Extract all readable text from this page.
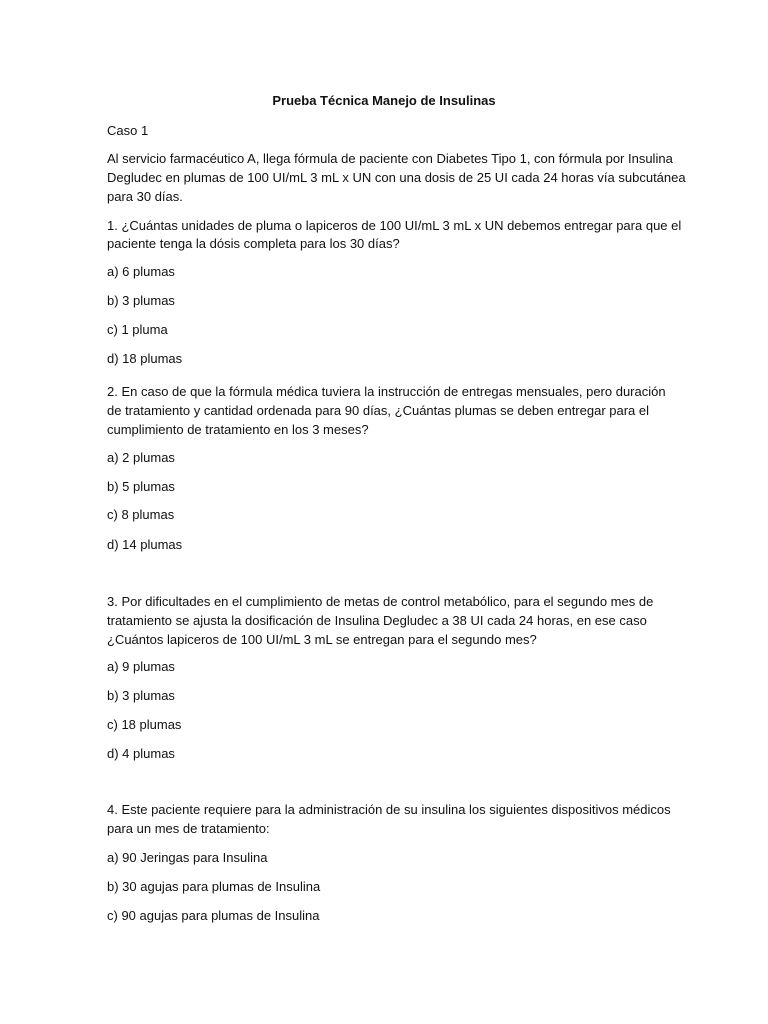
Prueba Técnica Manejo de Insulinas
Caso 1
Al servicio farmacéutico A, llega fórmula de paciente con Diabetes Tipo 1, con fórmula por Insulina
Degludec en plumas de 100 UI/mL 3 mL x UN con una dosis de 25 UI cada 24 horas vía subcutánea
para 30 días.
1. ¿Cuántas unidades de pluma o lapiceros de 100 UI/mL 3 mL x UN debemos entregar para que el
paciente tenga la dósis completa para los 30 días?
a) 6 plumas
b) 3 plumas
c) 1 pluma
d) 18 plumas
2. En caso de que la fórmula médica tuviera la instrucción de entregas mensuales, pero duración
de tratamiento y cantidad ordenada para 90 días, ¿Cuántas plumas se deben entregar para el
cumplimiento de tratamiento en los 3 meses?
a) 2 plumas
b) 5 plumas
c) 8 plumas
d) 14 plumas
3. Por dificultades en el cumplimiento de metas de control metabólico, para el segundo mes de
tratamiento se ajusta la dosificación de Insulina Degludec a 38 UI cada 24 horas, en ese caso
¿Cuántos lapiceros de 100 UI/mL 3 mL se entregan para el segundo mes?
a) 9 plumas
b) 3 plumas
c) 18 plumas
d) 4 plumas
4. Este paciente requiere para la administración de su insulina los siguientes dispositivos médicos
para un mes de tratamiento:
a) 90 Jeringas para Insulina
b) 30 agujas para plumas de Insulina
c) 90 agujas para plumas de Insulina
